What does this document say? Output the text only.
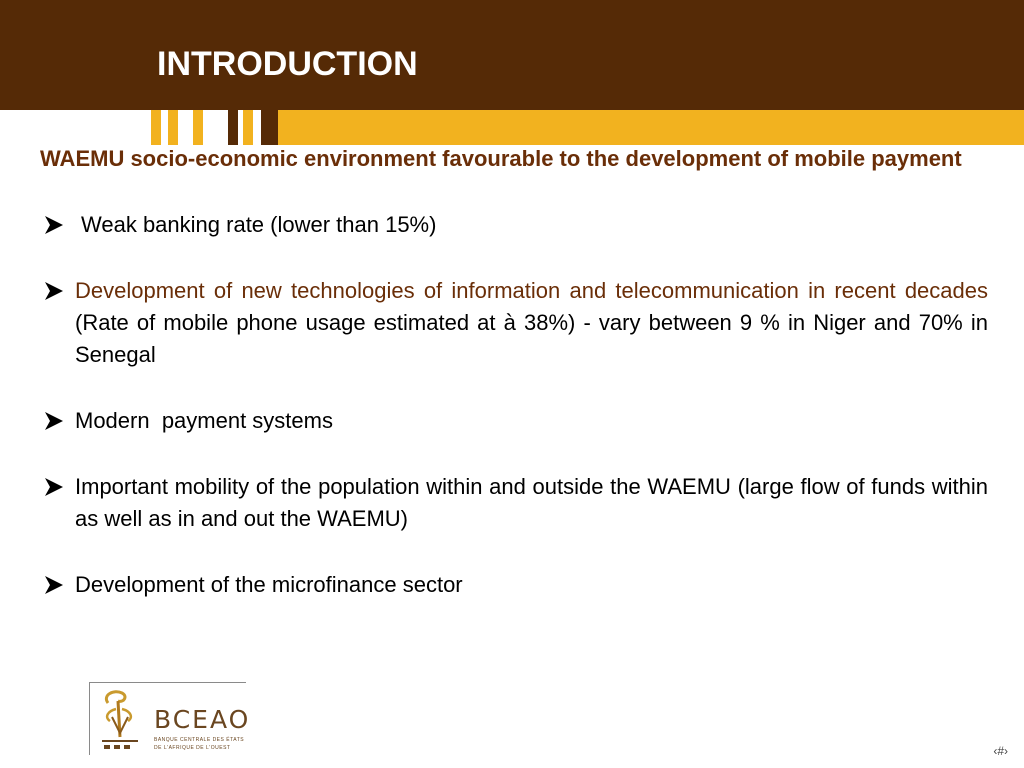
INTRODUCTION

WAEMU socio-economic environment favourable to the development of mobile payment

Weak banking rate (lower than 15%)
Development of new technologies of information and telecommunication in recent decades (Rate of mobile phone usage estimated at à 38%) - vary between 9 % in Niger and 70% in Senegal
Modern  payment systems
Important mobility of the population within and outside the WAEMU (large flow of funds within as well as in and out the WAEMU)
Development of the microfinance sector
BCEAO
BANQUE CENTRALE DES ÉTATS
DE L'AFRIQUE DE L'OUEST	‹#›
